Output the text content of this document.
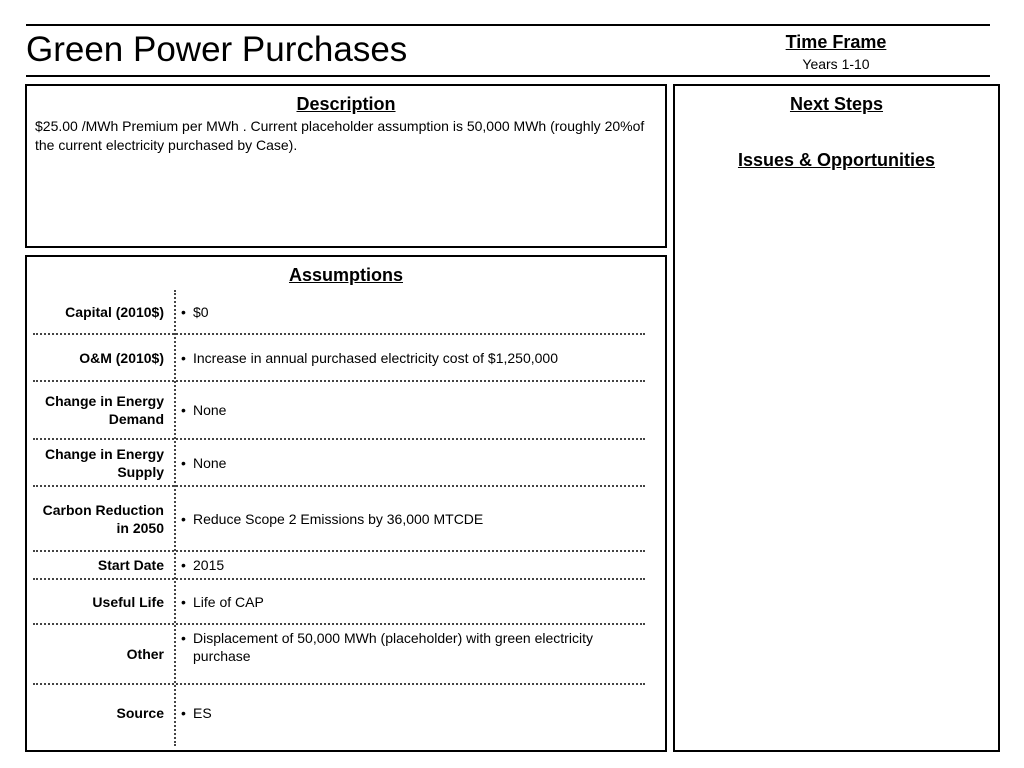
Green Power Purchases	Time Frame
Years 1-10
Description
$25.00 /MWh Premium per MWh . Current placeholder assumption is 50,000 MWh (roughly 20%of the current electricity purchased by Case).
Next Steps
Issues & Opportunities
Assumptions
Capital (2010$) • $0
O&M (2010$) • Increase in annual purchased electricity cost of $1,250,000
Change in Energy Demand
• None
Change in Energy Supply
• None
Carbon Reduction in 2050
• Reduce Scope 2 Emissions by 36,000 MTCDE
Start Date • 2015
Useful Life • Life of CAP
Other
• Displacement of 50,000 MWh (placeholder) with green electricity purchase
Source • ES
